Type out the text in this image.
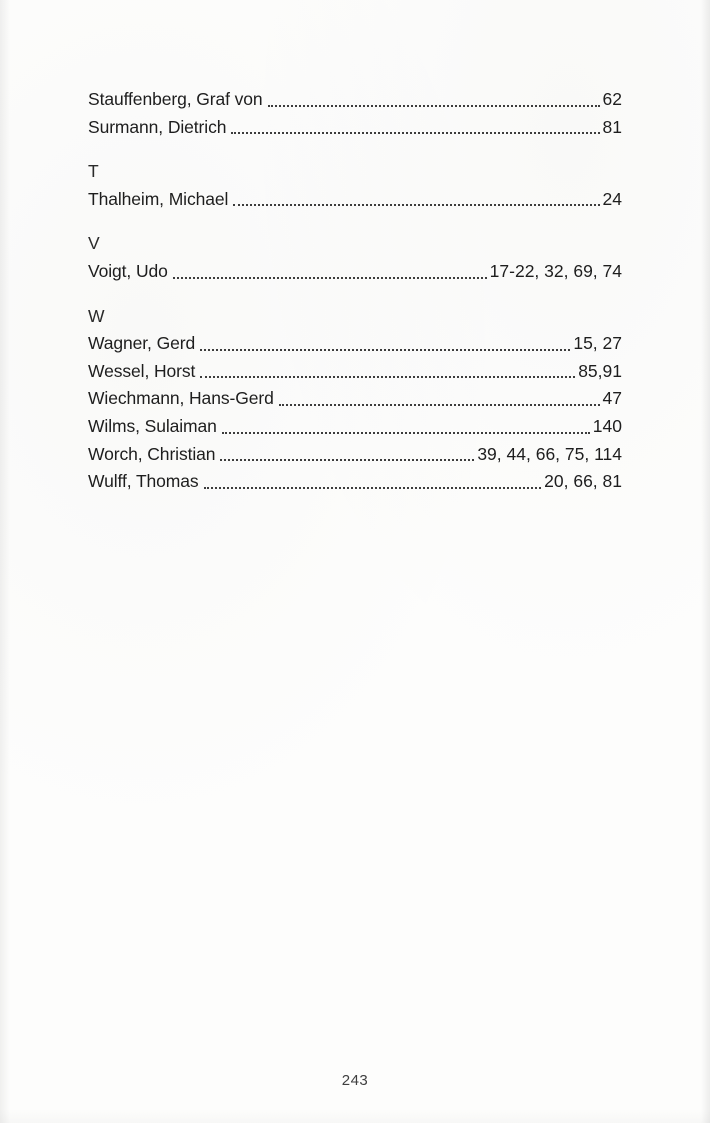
Stauffenberg, Graf von	62
Surmann, Dietrich	81
T
Thalheim, Michael	24
V
Voigt, Udo	17-22, 32, 69, 74
W
Wagner, Gerd	15, 27
Wessel, Horst	85,91
Wiechmann, Hans-Gerd	47
Wilms, Sulaiman	140
Worch, Christian	39, 44, 66, 75, 114
Wulff, Thomas	20, 66, 81
243
